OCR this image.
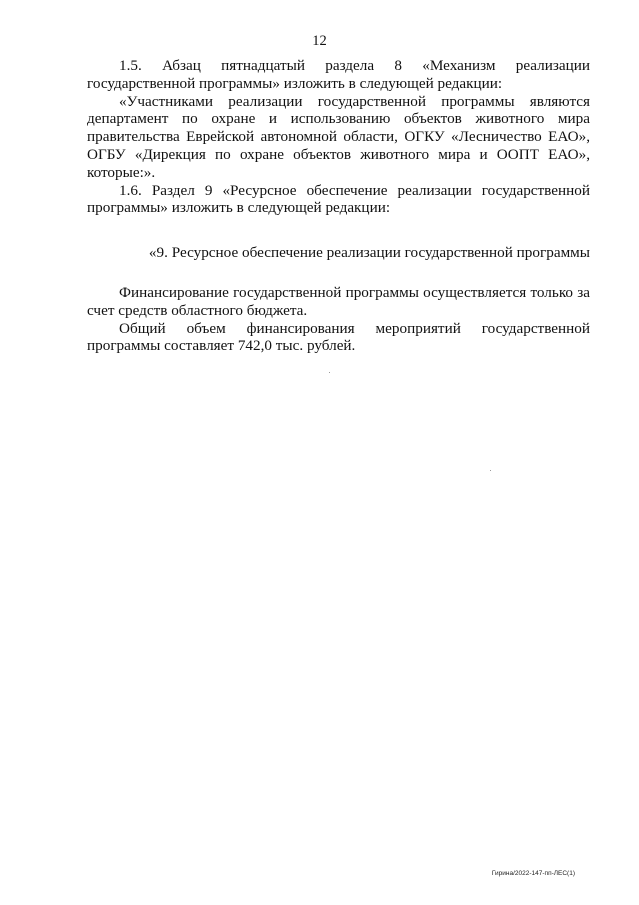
12

1.5. Абзац пятнадцатый раздела 8 «Механизм реализации государственной программы» изложить в следующей редакции:

«Участниками реализации государственной программы являются департамент по охране и использованию объектов животного мира правительства Еврейской автономной области, ОГКУ «Лесничество ЕАО», ОГБУ «Дирекция по охране объектов животного мира и ООПТ ЕАО», которые:».

1.6. Раздел 9 «Ресурсное обеспечение реализации государственной программы» изложить в следующей редакции:

«9. Ресурсное обеспечение реализации государственной программы

Финансирование государственной программы осуществляется только за счет средств областного бюджета.

Общий объем финансирования мероприятий государственной программы составляет 742,0 тыс. рублей.

Гирина/2022-147-пп-ЛЕС(1)
